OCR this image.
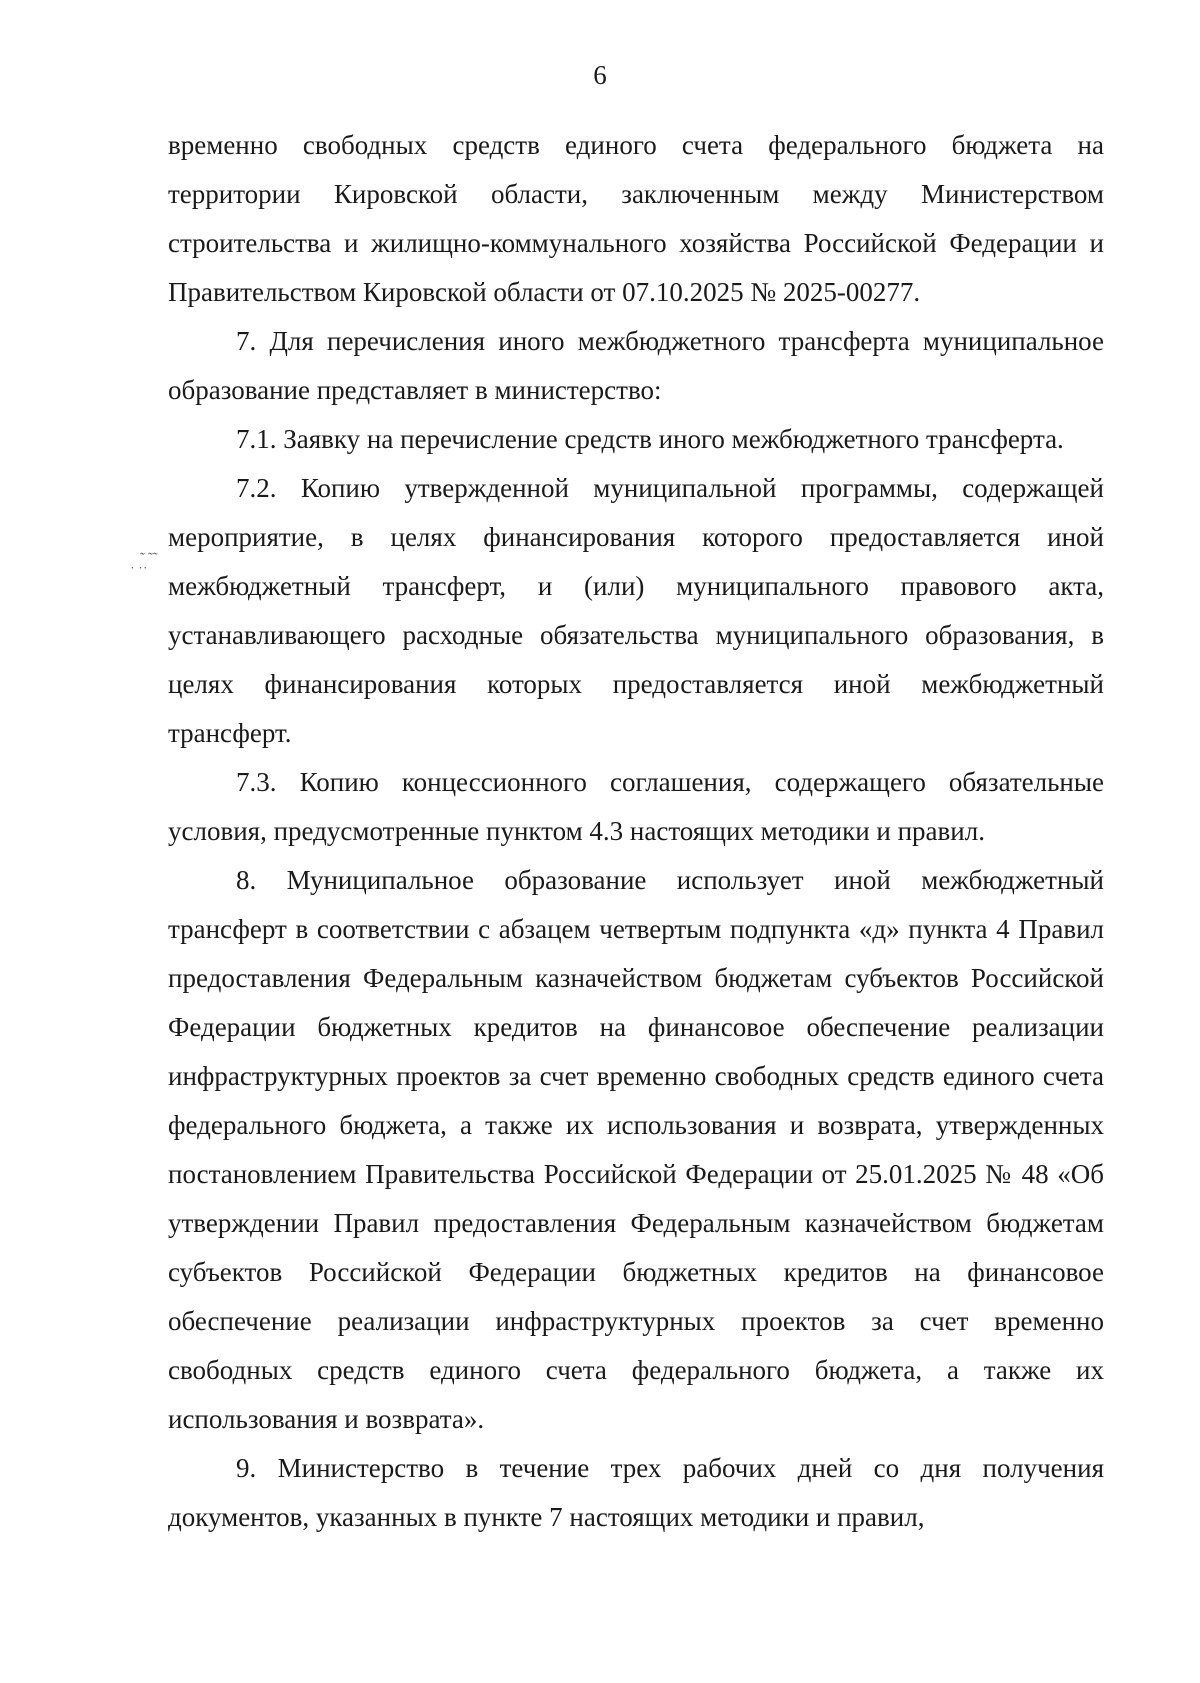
6

временно свободных средств единого счета федерального бюджета на территории Кировской области, заключенным между Министерством строительства и жилищно-коммунального хозяйства Российской Федерации и Правительством Кировской области от 07.10.2025 № 2025-00277.

7. Для перечисления иного межбюджетного трансферта муниципальное образование представляет в министерство:

7.1. Заявку на перечисление средств иного межбюджетного трансферта.

7.2. Копию утвержденной муниципальной программы, содержащей мероприятие, в целях финансирования которого предоставляется иной межбюджетный трансферт, и (или) муниципального правового акта, устанавливающего расходные обязательства муниципального образования, в целях финансирования которых предоставляется иной межбюджетный трансферт.

7.3. Копию концессионного соглашения, содержащего обязательные условия, предусмотренные пунктом 4.3 настоящих методики и правил.

8. Муниципальное образование использует иной межбюджетный трансферт в соответствии с абзацем четвертым подпункта «д» пункта 4 Правил предоставления Федеральным казначейством бюджетам субъектов Российской Федерации бюджетных кредитов на финансовое обеспечение реализации инфраструктурных проектов за счет временно свободных средств единого счета федерального бюджета, а также их использования и возврата, утвержденных постановлением Правительства Российской Федерации от 25.01.2025 № 48 «Об утверждении Правил предоставления Федеральным казначейством бюджетам субъектов Российской Федерации бюджетных кредитов на финансовое обеспечение реализации инфраструктурных проектов за счет временно свободных средств единого счета федерального бюджета, а также их использования и возврата».

9. Министерство в течение трех рабочих дней со дня получения документов, указанных в пункте 7 настоящих методики и правил,

˜ ˜˜
˙ ˙˙
